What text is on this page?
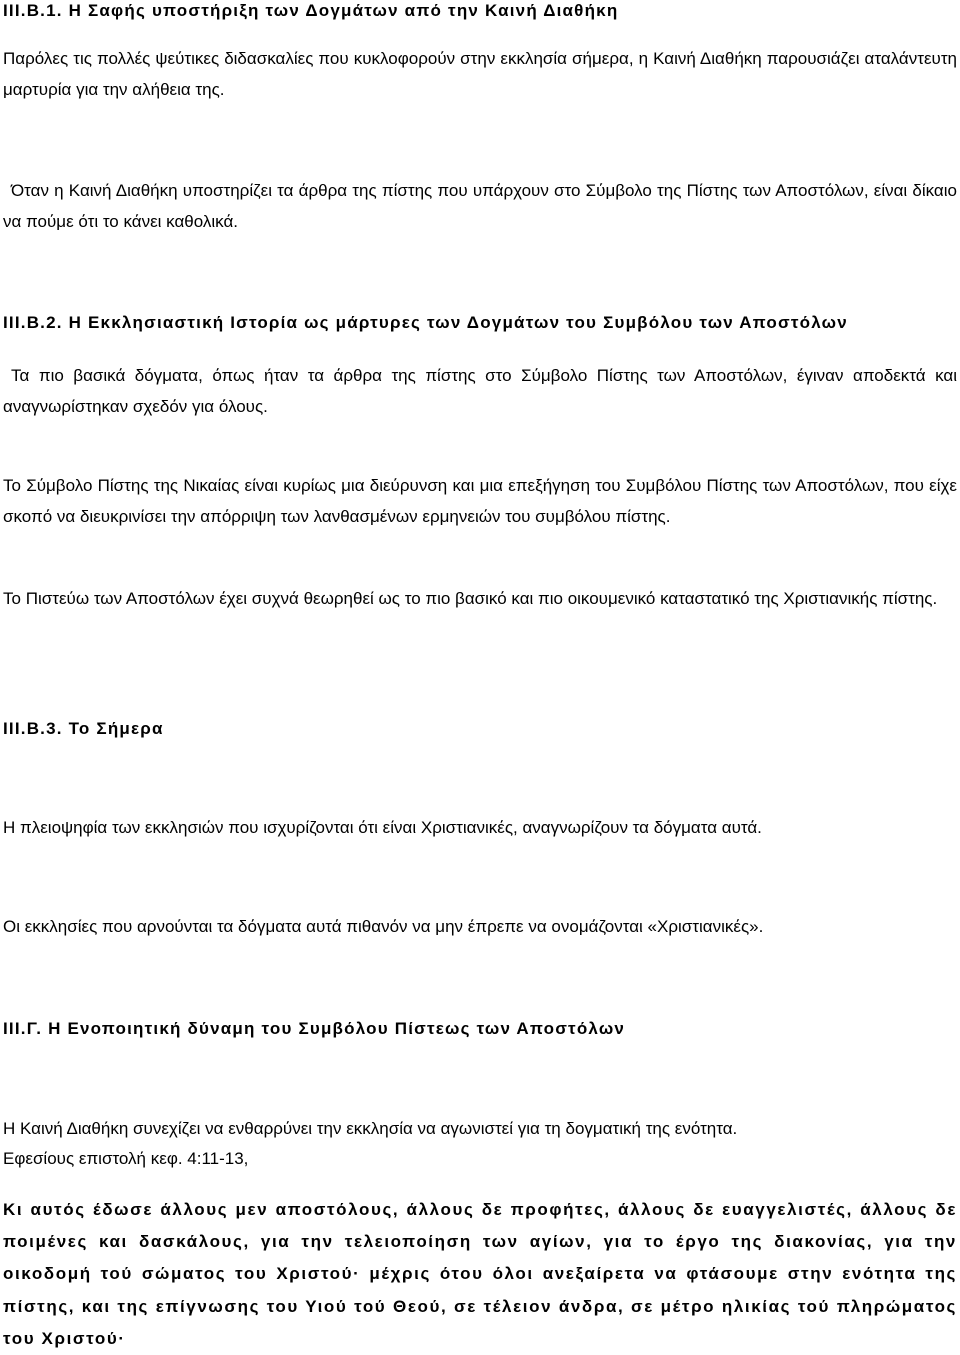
ΙΙΙ.Β.1. Η Σαφής υποστήριξη των Δογμάτων από την Καινή Διαθήκη
Παρόλες τις πολλές ψεύτικες διδασκαλίες που κυκλοφορούν στην εκκλησία σήμερα, η Καινή Διαθήκη παρουσιάζει αταλάντευτη μαρτυρία για την αλήθεια της.
Όταν η Καινή Διαθήκη υποστηρίζει τα άρθρα της πίστης που υπάρχουν στο Σύμβολο της Πίστης των Αποστόλων, είναι δίκαιο να πούμε ότι το κάνει καθολικά.
ΙΙΙ.Β.2. Η Εκκλησιαστική Ιστορία ως μάρτυρες των Δογμάτων του Συμβόλου των Αποστόλων
Τα πιο βασικά δόγματα, όπως ήταν τα άρθρα της πίστης στο Σύμβολο Πίστης των Αποστόλων, έγιναν αποδεκτά και αναγνωρίστηκαν σχεδόν για όλους.
Το Σύμβολο Πίστης της Νικαίας είναι κυρίως μια διεύρυνση και μια επεξήγηση του Συμβόλου Πίστης των Αποστόλων, που είχε σκοπό να διευκρινίσει την απόρριψη των λανθασμένων ερμηνειών του συμβόλου πίστης.
Το Πιστεύω των Αποστόλων έχει συχνά θεωρηθεί ως το πιο βασικό και πιο οικουμενικό καταστατικό της Χριστιανικής πίστης.
ΙΙΙ.Β.3. Το Σήμερα
Η πλειοψηφία των εκκλησιών που ισχυρίζονται ότι είναι Χριστιανικές, αναγνωρίζουν τα δόγματα αυτά.
Οι εκκλησίες που αρνούνται τα δόγματα αυτά πιθανόν να μην έπρεπε να ονομάζονται «Χριστιανικές».
ΙΙΙ.Γ. Η Ενοποιητική δύναμη του Συμβόλου Πίστεως των Αποστόλων
Η Καινή Διαθήκη συνεχίζει να ενθαρρύνει την εκκλησία να αγωνιστεί για τη δογματική της ενότητα.
Εφεσίους επιστολή κεφ. 4:11-13,
Κι αυτός έδωσε άλλους μεν αποστόλους, άλλους δε προφήτες, άλλους δε ευαγγελιστές, άλλους δε ποιμένες και δασκάλους, για την τελειοποίηση των αγίων, για το έργο της διακονίας, για την οικοδομή τού σώματος του Χριστού· μέχρις ότου όλοι ανεξαίρετα να φτάσουμε στην ενότητα της πίστης, και της επίγνωσης του Υιού τού Θεού, σε τέλειον άνδρα, σε μέτρο ηλικίας τού πληρώματος του Χριστού·
